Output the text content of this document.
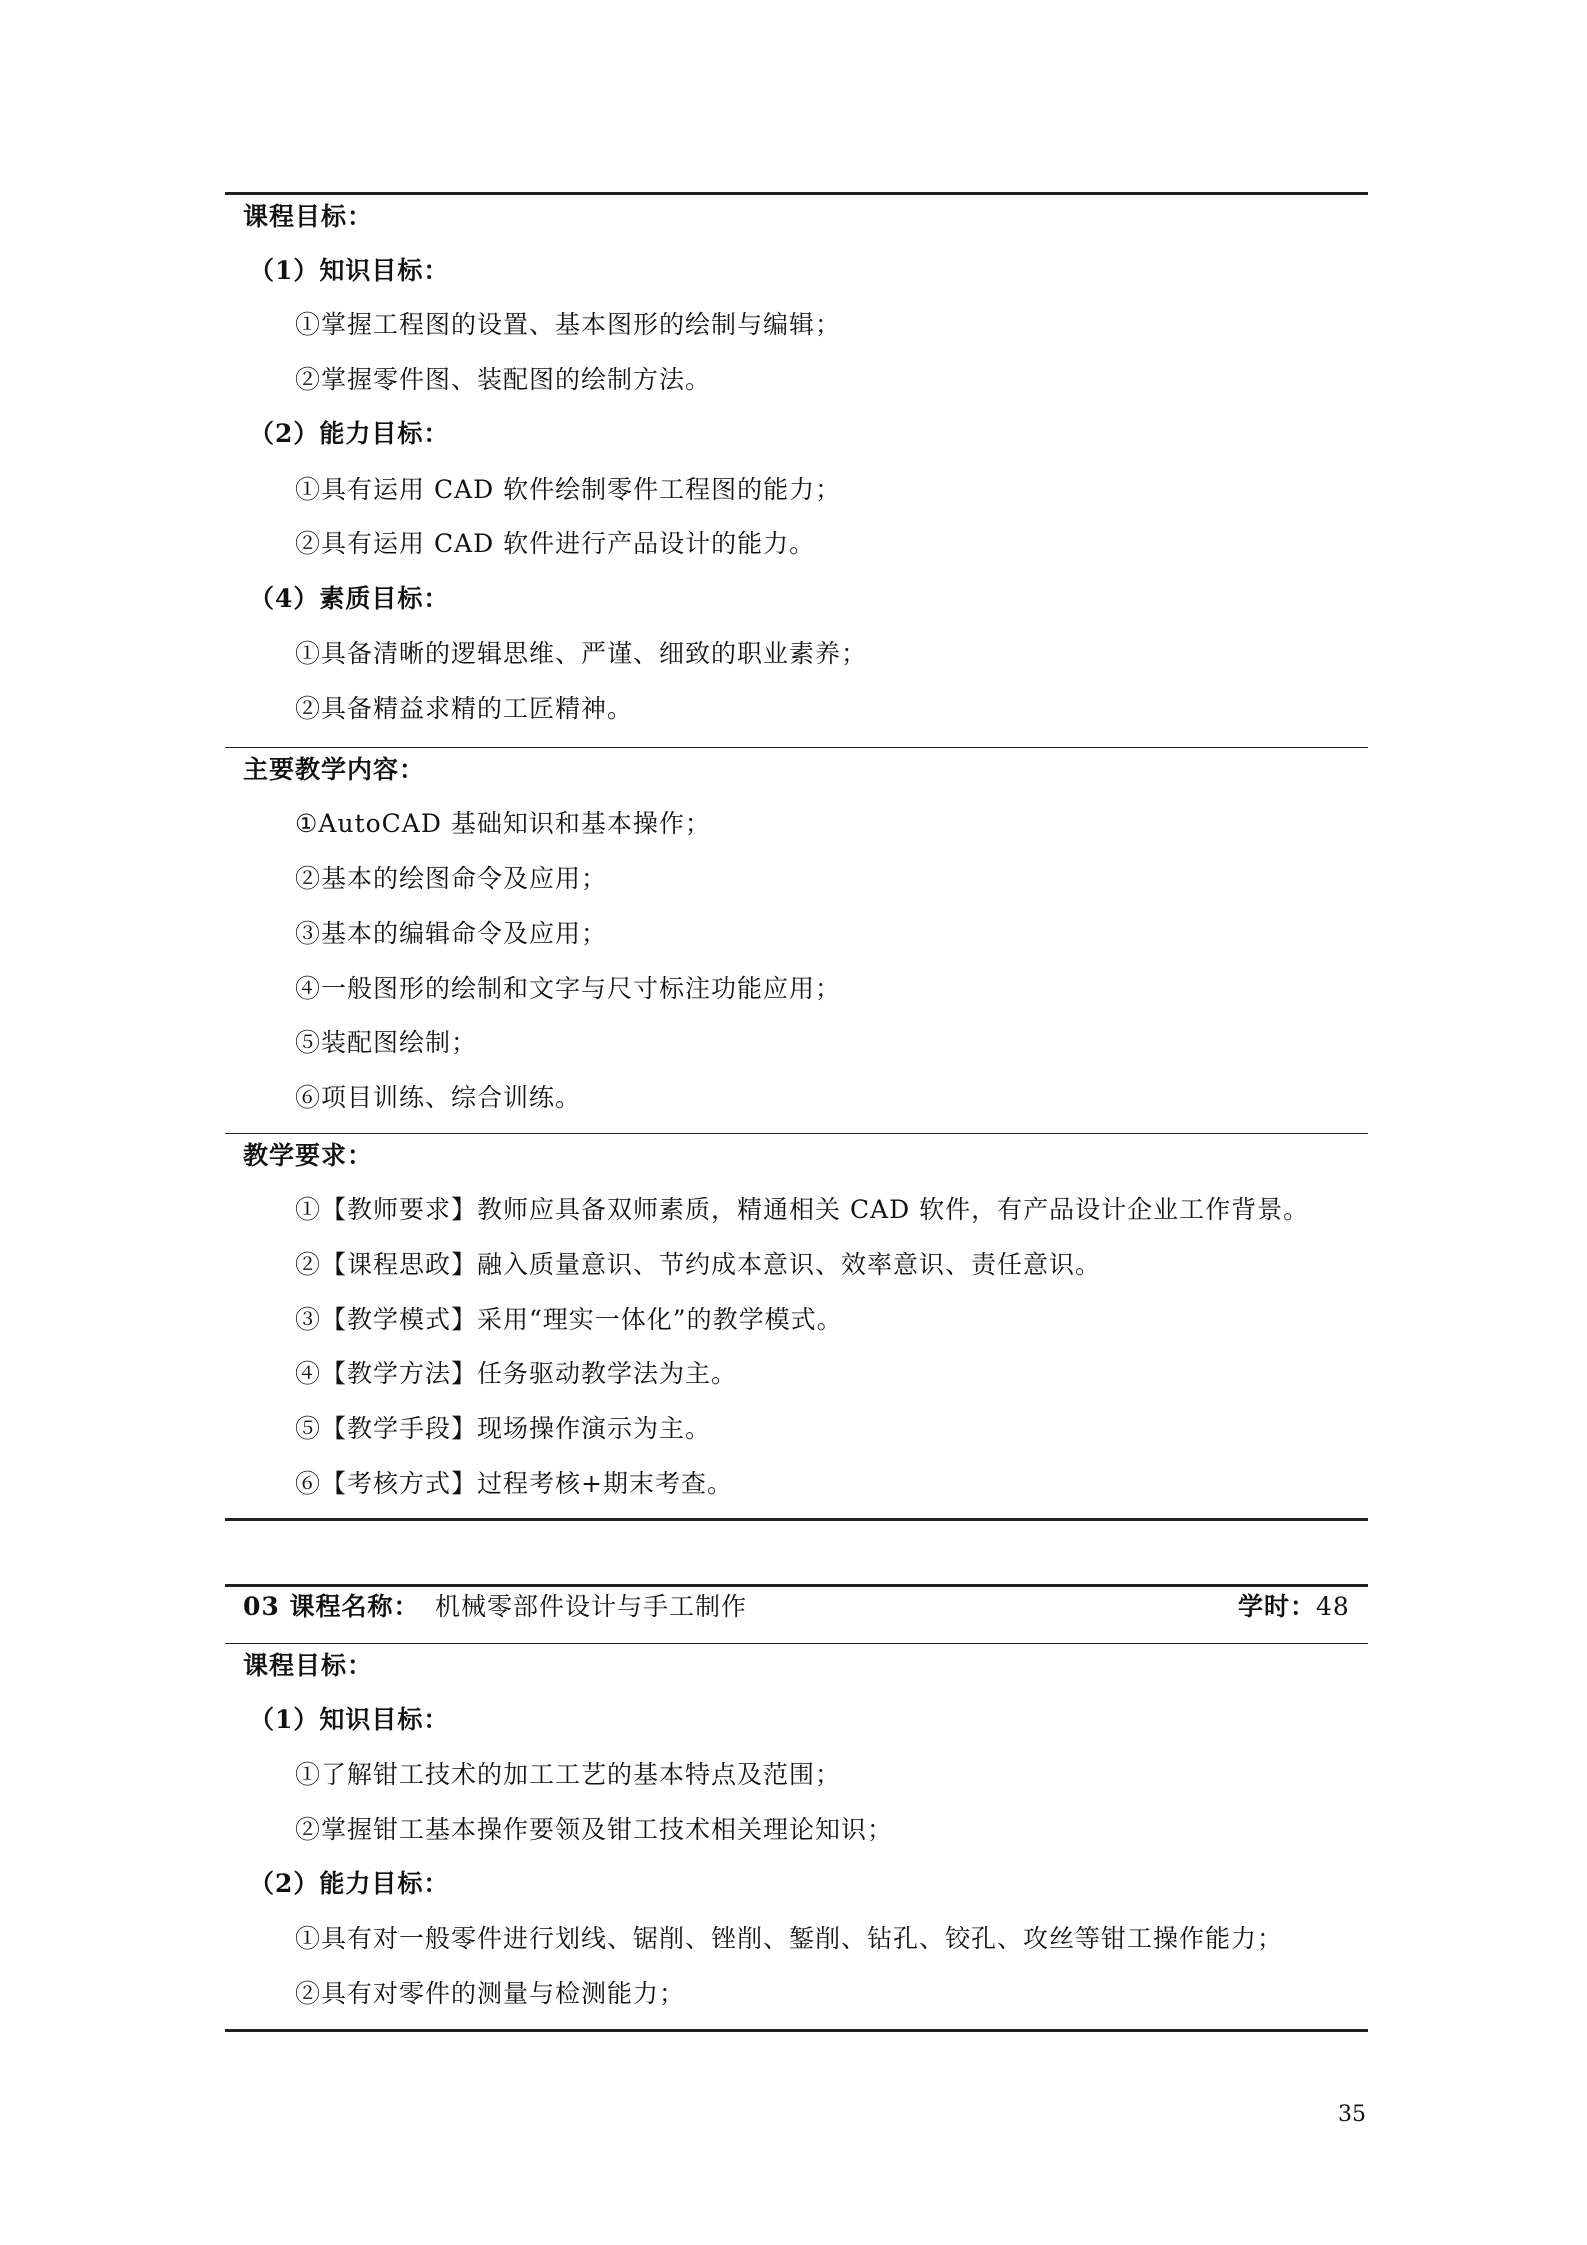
课程目标：
（1）知识目标：
①掌握工程图的设置、基本图形的绘制与编辑；
②掌握零件图、装配图的绘制方法。
（2）能力目标：
①具有运用 CAD 软件绘制零件工程图的能力；
②具有运用 CAD 软件进行产品设计的能力。
（4）素质目标：
①具备清晰的逻辑思维、严谨、细致的职业素养；
②具备精益求精的工匠精神。
主要教学内容：
①AutoCAD 基础知识和基本操作；
②基本的绘图命令及应用；
③基本的编辑命令及应用；
④一般图形的绘制和文字与尺寸标注功能应用；
⑤装配图绘制；
⑥项目训练、综合训练。
教学要求：
①【教师要求】教师应具备双师素质，精通相关 CAD 软件，有产品设计企业工作背景。
②【课程思政】融入质量意识、节约成本意识、效率意识、责任意识。
③【教学模式】采用“理实一体化”的教学模式。
④【教学方法】任务驱动教学法为主。
⑤【教学手段】现场操作演示为主。
⑥【考核方式】过程考核+期末考查。
03 课程名称： 机械零部件设计与手工制作	学时：48
课程目标：
（1）知识目标：
①了解钳工技术的加工工艺的基本特点及范围；
②掌握钳工基本操作要领及钳工技术相关理论知识；
（2）能力目标：
①具有对一般零件进行划线、锯削、锉削、錾削、钻孔、铰孔、攻丝等钳工操作能力；
②具有对零件的测量与检测能力；
35
